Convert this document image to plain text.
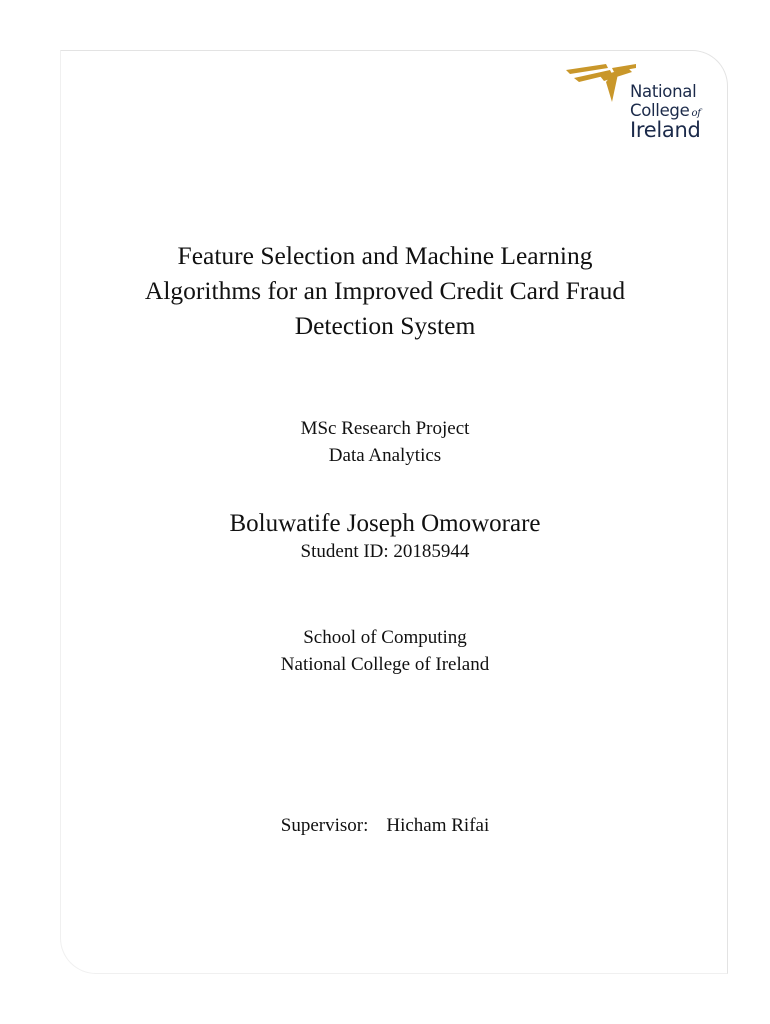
National
College of
Ireland
Feature Selection and Machine Learning
Algorithms for an Improved Credit Card Fraud
Detection System
MSc Research Project
Data Analytics
Boluwatife Joseph Omoworare
Student ID: 20185944
School of Computing
National College of Ireland
Supervisor: Hicham Rifai
